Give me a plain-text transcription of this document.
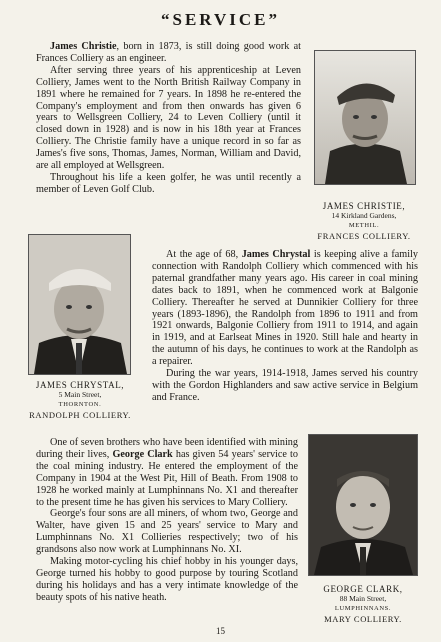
“SERVICE”

James Christie, born in 1873, is still doing good work at Frances Colliery as an engineer.

After serving three years of his apprenticeship at Leven Colliery, James went to the North British Railway Company in 1891 where he remained for 7 years. In 1898 he re-entered the Company's employment and from then onwards has given 6 years to Wellsgreen Colliery, 24 to Leven Colliery (until it closed down in 1928) and is now in his 18th year at Frances Colliery. The Christie family have a unique record in so far as James's five sons, Thomas, James, Norman, William and David, are all employed at Wellsgreen.

Throughout his life a keen golfer, he was until recently a member of Leven Golf Club.

JAMES CHRISTIE,
14 Kirkland Gardens,
METHIL.
FRANCES COLLIERY.
JAMES CHRYSTAL,
5 Main Street,
THORNTON.
RANDOLPH COLLIERY.

At the age of 68, James Chrystal is keeping alive a family connection with Randolph Colliery which commenced with his paternal grandfather many years ago. His career in coal mining dates back to 1891, when he commenced work at Balgonie Colliery. Thereafter he served at Dunnikier Colliery for three years (1893-1896), the Randolph from 1896 to 1911 and from 1921 onwards, Balgonie Colliery from 1911 to 1914, and again in 1919, and at Earlseat Mines in 1920. Still hale and hearty in the autumn of his days, he continues to work at the Randolph as a repairer.

During the war years, 1914-1918, James served his country with the Gordon Highlanders and saw active service in Belgium and France.

One of seven brothers who have been identified with mining during their lives, George Clark has given 54 years' service to the coal mining industry. He entered the employment of the Company in 1904 at the West Pit, Hill of Beath. From 1908 to 1928 he worked mainly at Lumphinnans No. X1 and thereafter to the present time he has given his services to Mary Colliery.

George's four sons are all miners, of whom two, George and Walter, have given 15 and 25 years' service to Mary and Lumphinnans No. X1 Collieries respectively; two of his grandsons also now work at Lumphinnans No. XI.

Making motor-cycling his chief hobby in his younger days, George turned his hobby to good purpose by touring Scotland during his holidays and has a very intimate knowledge of the beauty spots of his native heath.

GEORGE CLARK,
88 Main Street,
LUMPHINNANS.
MARY COLLIERY.
15
